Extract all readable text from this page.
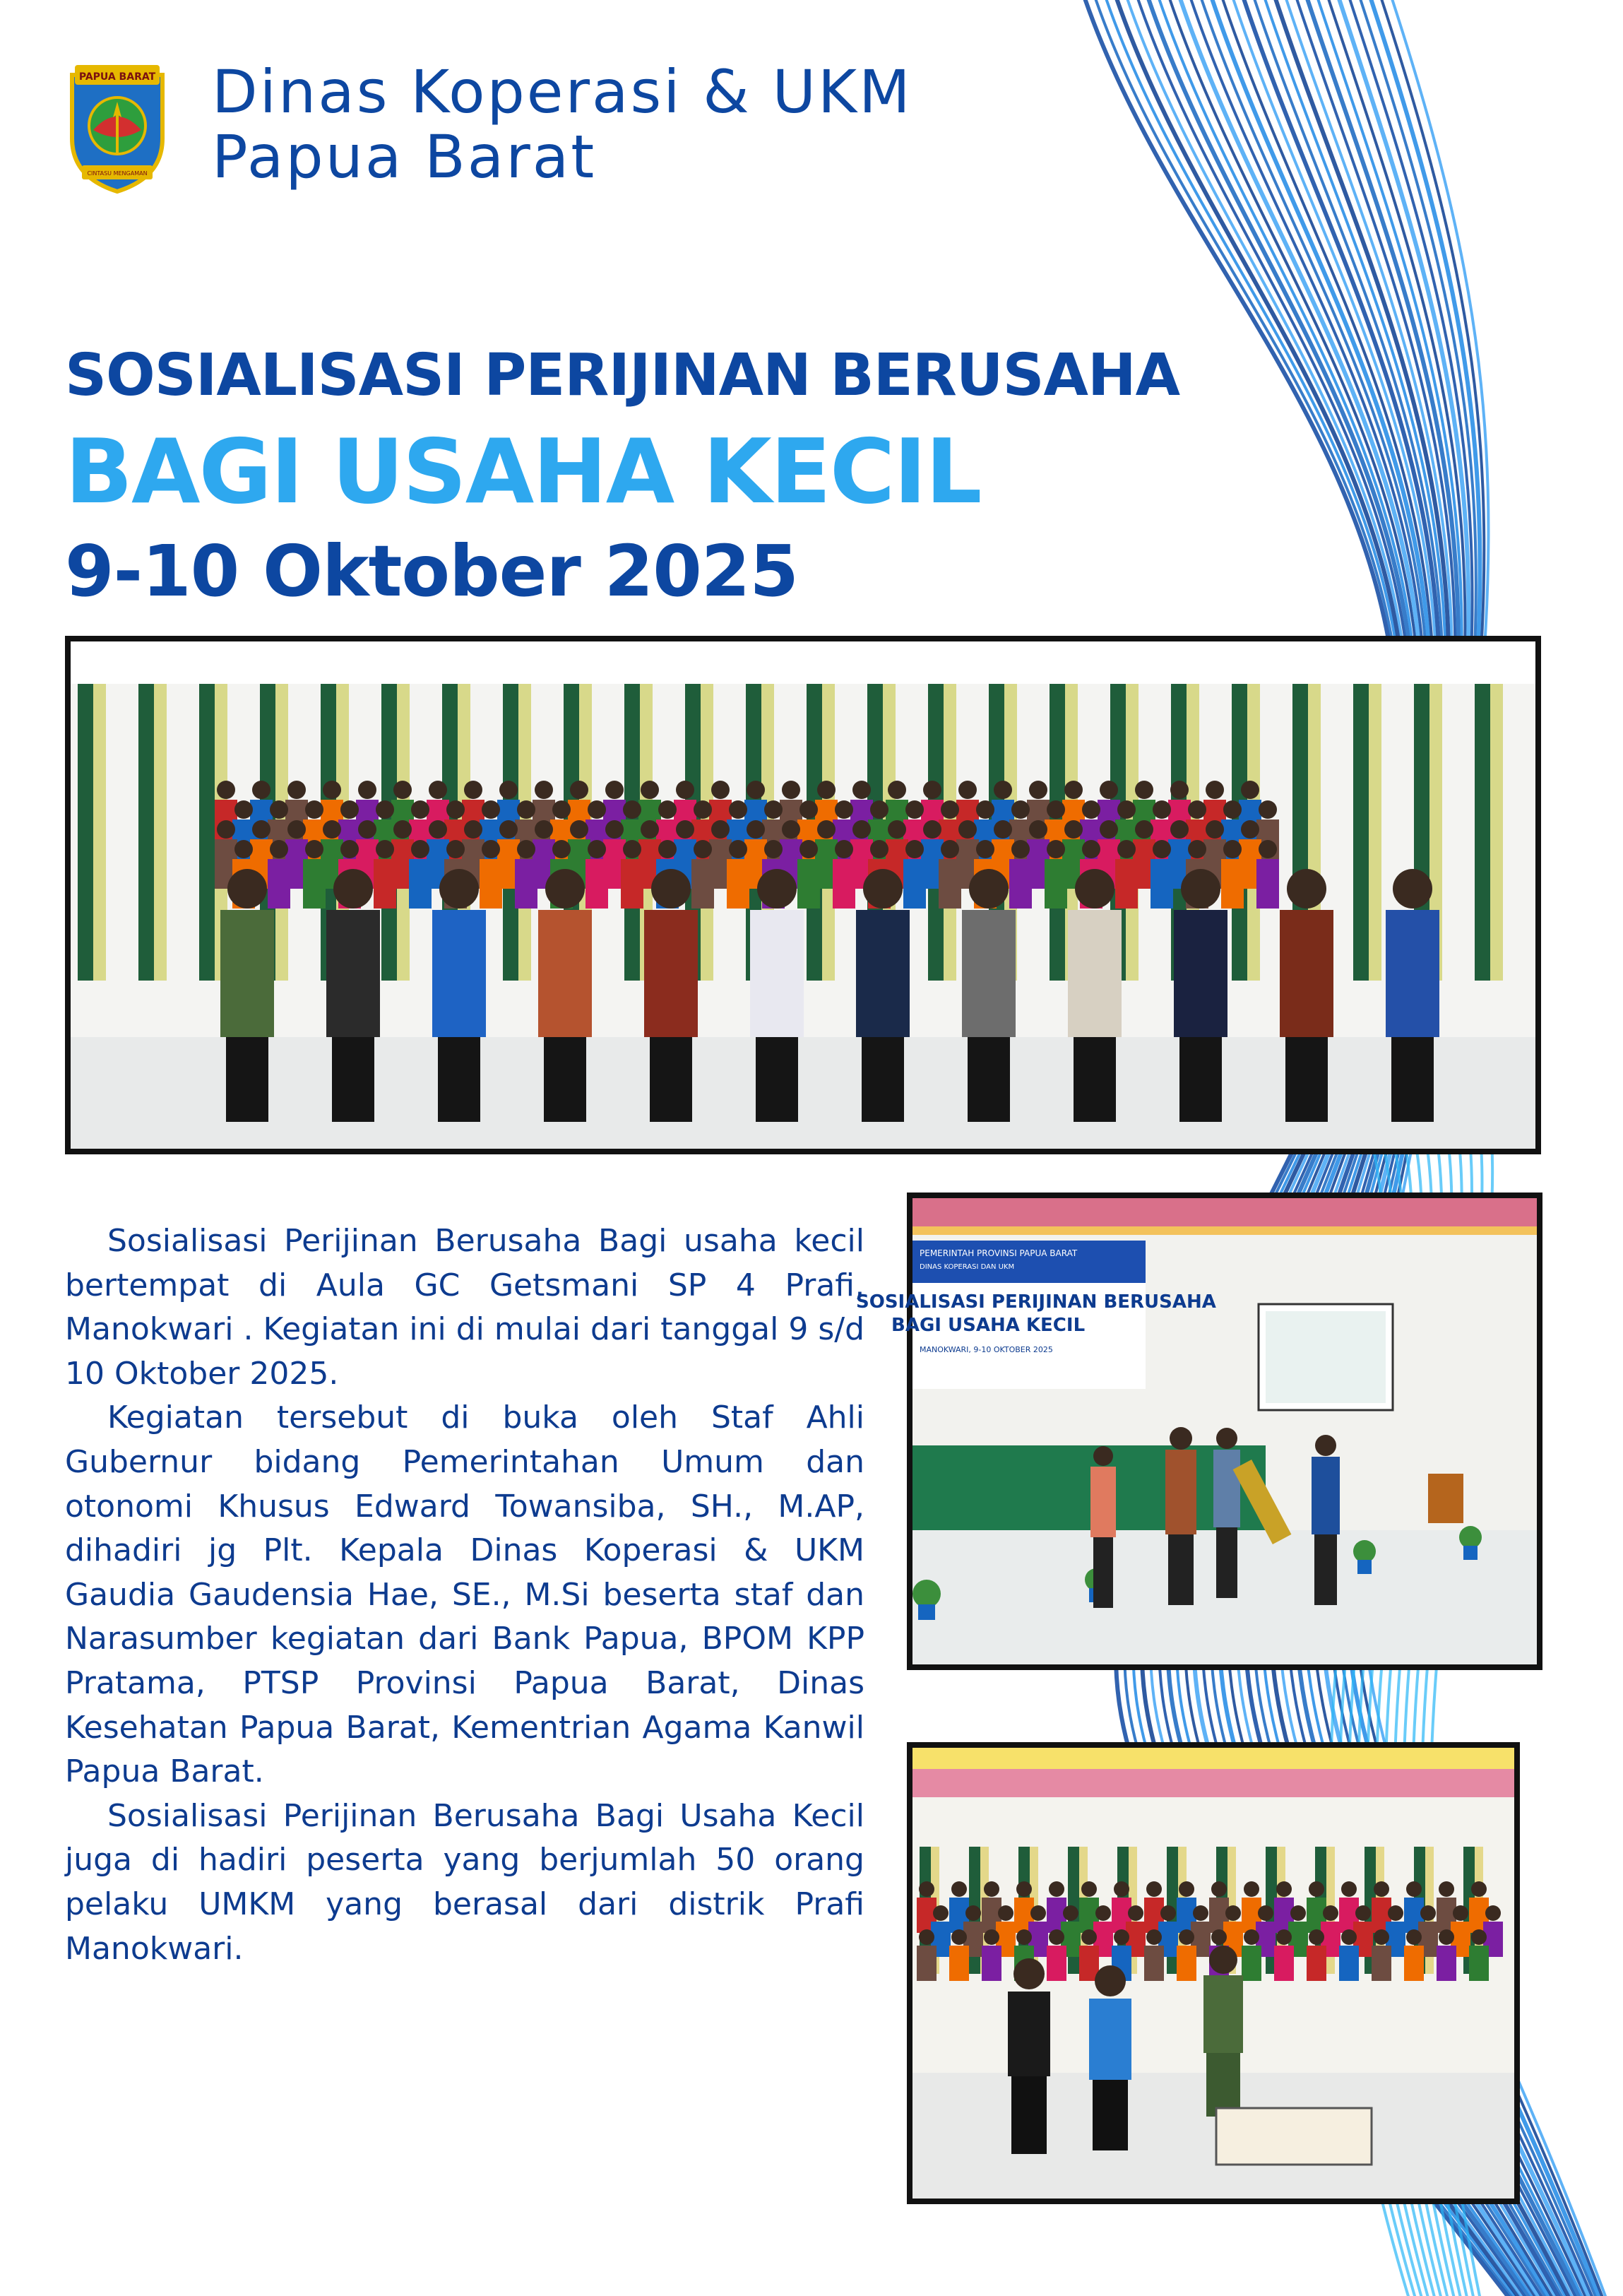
PAPUA BARAT
CINTASU MENGAMAN
Dinas Koperasi & UKM
Papua Barat
SOSIALISASI PERIJINAN BERUSAHA
BAGI USAHA KECIL
9-10 Oktober 2025

Sosialisasi Perijinan Berusaha Bagi usaha kecil bertempat di Aula GC Getsmani SP 4 Prafi, Manokwari . Kegiatan ini di mulai dari tanggal 9 s/d 10 Oktober 2025.

Kegiatan tersebut di buka oleh Staf Ahli Gubernur bidang Pemerintahan Umum dan otonomi Khusus Edward Towansiba, SH., M.AP, dihadiri jg Plt. Kepala Dinas Koperasi & UKM Gaudia Gaudensia Hae, SE., M.Si beserta staf dan Narasumber kegiatan dari Bank Papua, BPOM KPP Pratama, PTSP Provinsi Papua Barat, Dinas Kesehatan Papua Barat, Kementrian Agama Kanwil Papua Barat.

Sosialisasi Perijinan Berusaha Bagi Usaha Kecil juga di hadiri peserta yang berjumlah 50 orang pelaku UMKM yang berasal dari distrik Prafi Manokwari.

PEMERINTAH PROVINSI PAPUA BARAT
DINAS KOPERASI DAN UKM
SOSIALISASI PERIJINAN BERUSAHA
BAGI USAHA KECIL
MANOKWARI, 9-10 OKTOBER 2025
